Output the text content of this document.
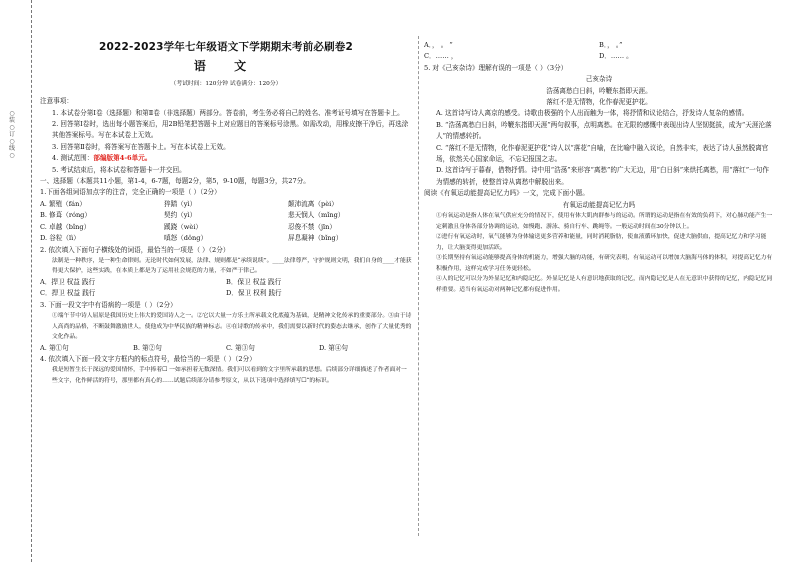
○ 装 ○ 订 ○ 线 ○
2022-2023学年七年级语文下学期期末考前必刷卷2
语 文
（考试时间：120分钟 试卷满分：120分）
注意事项：
1. 本试卷分第Ⅰ卷（选择题）和第Ⅱ卷（非选择题）两部分。答卷前，考生务必将自己的姓名、准考证号填写在答题卡上。
2. 回答第Ⅰ卷时，选出每小题答案后，用2B铅笔把答题卡上对应题目的答案标号涂黑。如需改动，用橡皮擦干净后，再选涂其他答案标号。写在本试卷上无效。
3. 回答第Ⅱ卷时，将答案写在答题卡上。写在本试卷上无效。
4. 测试范围：部编版第4-6单元。
5. 考试结束后，将本试卷和答题卡一并交回。
一、选择题（本题共11小题，第1-4，6-7题，每题2分，第5，9-10题，每题3分，共27分。
1.下面各组词语加点字的注音，完全正确的一项是（ ）（2分）
A. 繁殖（fán）	猝踏（yì）	颠沛流离（pèi）
B. 修葺（róng）	契约（yì）	悲天悯人（mǐng）
C. 卓越（bǐng）	蹊跷（wèi）	忍俊不禁（jīn）
D. 谷粒（lì）	嗔怒（dǒng）	屏息凝神（bǐng）
2. 依次填入下面句子横线处的词语，最恰当的一项是（ ）（2分）
法制是一种秩序，是一种生命律则。无论时代如何发展，法律、规则都是“承续说续”。____法律尊严，守护规则文明，我们自身的____才能获得更大保护，这些实践，在本质上都是为了运用社会规范的力量，不如严于律己。
A．捍卫 权益 践行	B．保卫 权益 践行
C．捍卫 权益 践行	D．保卫 权利 践行
3. 下面一段文字中有语病的一项是（ ）（2分）
①端午节中诗人屈原是我国历史上伟大的爱国诗人之一。②它以大量一方乐土所承载文化底蕴为基础，是精神文化传承的重要部分。③由于诗人高尚的品格，不断鼓舞激励世人，使他成为中华民族的精神标志。④在诗歌的传承中，我们需要以新时代的姿态去继承，创作了大量优秀的文化作品。
A. 第①句	B. 第②句	C. 第③句	D. 第④句
4. 依次填入下面一段文字方框内的标点符号，最恰当的一项是（ ）（2分）
我是短暂生长于深远的爱国情怀，手中捧着☐ 一如承担着无数深情。我们可以看到的文字里所承载的思想。后续部分详细描述了作者面对一些文字，化作鲜活的符号，那里都有真心的……试题后续部分请参考原文，从以下选项中选择填写☐“的标识。
A．， 。 ”	B．， 。”
C．…… ，	D．…… 。
5. 对《己亥杂诗》理解有误的一项是（ ）（3分）
己亥杂诗
浩荡离愁白日斜，吟鞭东指即天涯。
落红不是无情物，化作春泥更护花。
A. 这首诗写诗人离京的感受。诗歌由极强的个人出而触为一体，将抒情和议论结合，抒发诗人复杂的感情。
B. “浩荡离愁白日斜，吟鞭东指即天涯”两句叙事，点明离愁。在无限的感慨中表现出诗人坚韧挺拔，成为“天涯沦落人”的情感转折。
C. “落红不是无情物，化作春泥更护花”诗人以“落花”自喻，在比喻中融入议论，自然非实，表达了诗人虽然脱离官场，依然关心国家命运，不忘记报国之志。
D. 这首诗写于暮春，借物抒情。诗中用“浩荡”来形容“离愁”的广大无边，用“白日斜”来烘托离愁，用“落红”一句作为情感的转折，使整首诗从离愁中解脱出来。
阅读《有氧运动能提高记忆力吗》一文，完成下面小题。
有氧运动能提高记忆力吗
①有氧运动是指人体在氧气供应充分的情况下，使用有体大肌肉群参与的运动。所谓的运动是指在有效的负荷下，对心肺功能产生一定刺激且身体各部分协调的运动，如慢跑、游泳、骑自行车、跳绳等。一般运动时间在30分钟以上。
②进行有氧运动时，氧气能够为身体输送更多营养和能量，同时消耗脂肪，使血液循环加快，促进大脑供血，提高记忆力和学习能力，让大脑变得更加活跃。
③长期坚持有氧运动能够提高身体的机能力，增强大脑的功能，有研究表明，有氧运动可以增加大脑海马体的体积，对提高记忆力有积极作用，这样完成学习任务更轻松。
④人的记忆可以分为外显记忆和内隐记忆。外显记忆是人有意识地获取的记忆，而内隐记忆是人在无意识中获得的记忆，内隐记忆同样重要。适当有氧运动对两种记忆都有促进作用。
